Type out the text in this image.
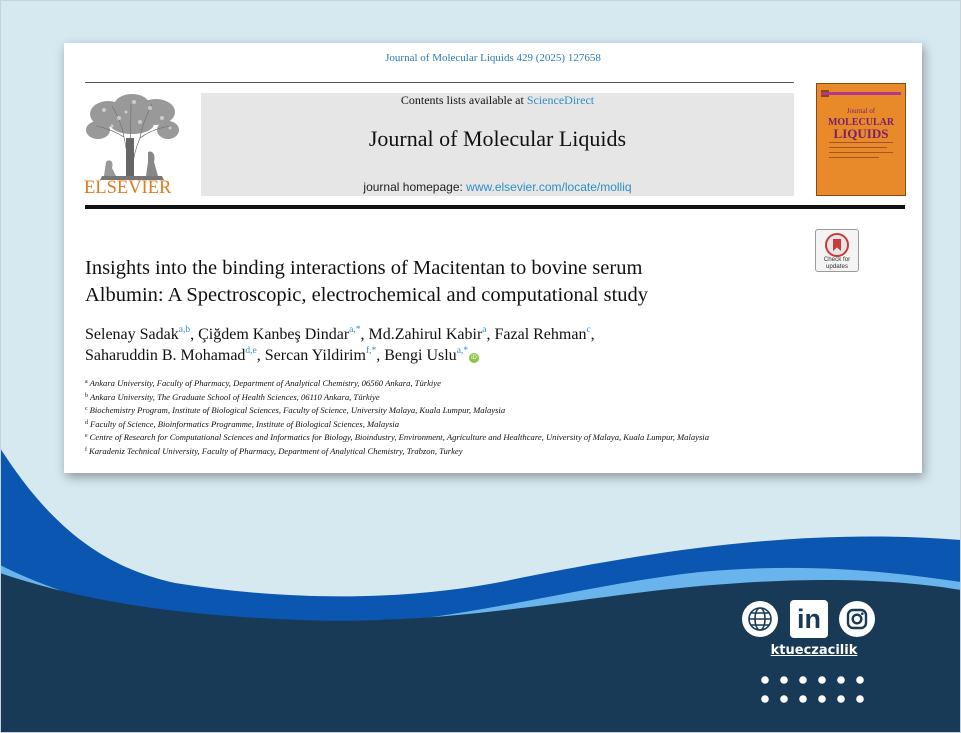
Journal of Molecular Liquids 429 (2025) 127658
ELSEVIER
Contents lists available at ScienceDirect
Journal of Molecular Liquids
journal homepage: www.elsevier.com/locate/molliq
Journal of
MOLECULAR
LIQUIDS
Check for updates
Insights into the binding interactions of Macitentan to bovine serum
Albumin: A Spectroscopic, electrochemical and computational study
Selenay Sadak$^{a,b}$, Çiğdem Kanbeş Dindar$^{a,*}$, Md.Zahirul Kabir$^a$, Fazal Rehman$^c$,
Saharuddin B. Mohamad$^{d,e}$, Sercan Yildirim$^{f,*}$, Bengi Uslu$^{a,*}$iD
$^a$ Ankara University, Faculty of Pharmacy, Department of Analytical Chemistry, 06560 Ankara, Türkiye
$^b$ Ankara University, The Graduate School of Health Sciences, 06110 Ankara, Türkiye
$^c$ Biochemistry Program, Institute of Biological Sciences, Faculty of Science, University Malaya, Kuala Lumpur, Malaysia
$^d$ Faculty of Science, Bioinformatics Programme, Institute of Biological Sciences, Malaysia
$^e$ Centre of Research for Computational Sciences and Informatics for Biology, Bioindustry, Environment, Agriculture and Healthcare, University of Malaya, Kuala Lumpur, Malaysia
$^f$ Karadeniz Technical University, Faculty of Pharmacy, Department of Analytical Chemistry, Trabzon, Turkey
in
ktueczacilik
